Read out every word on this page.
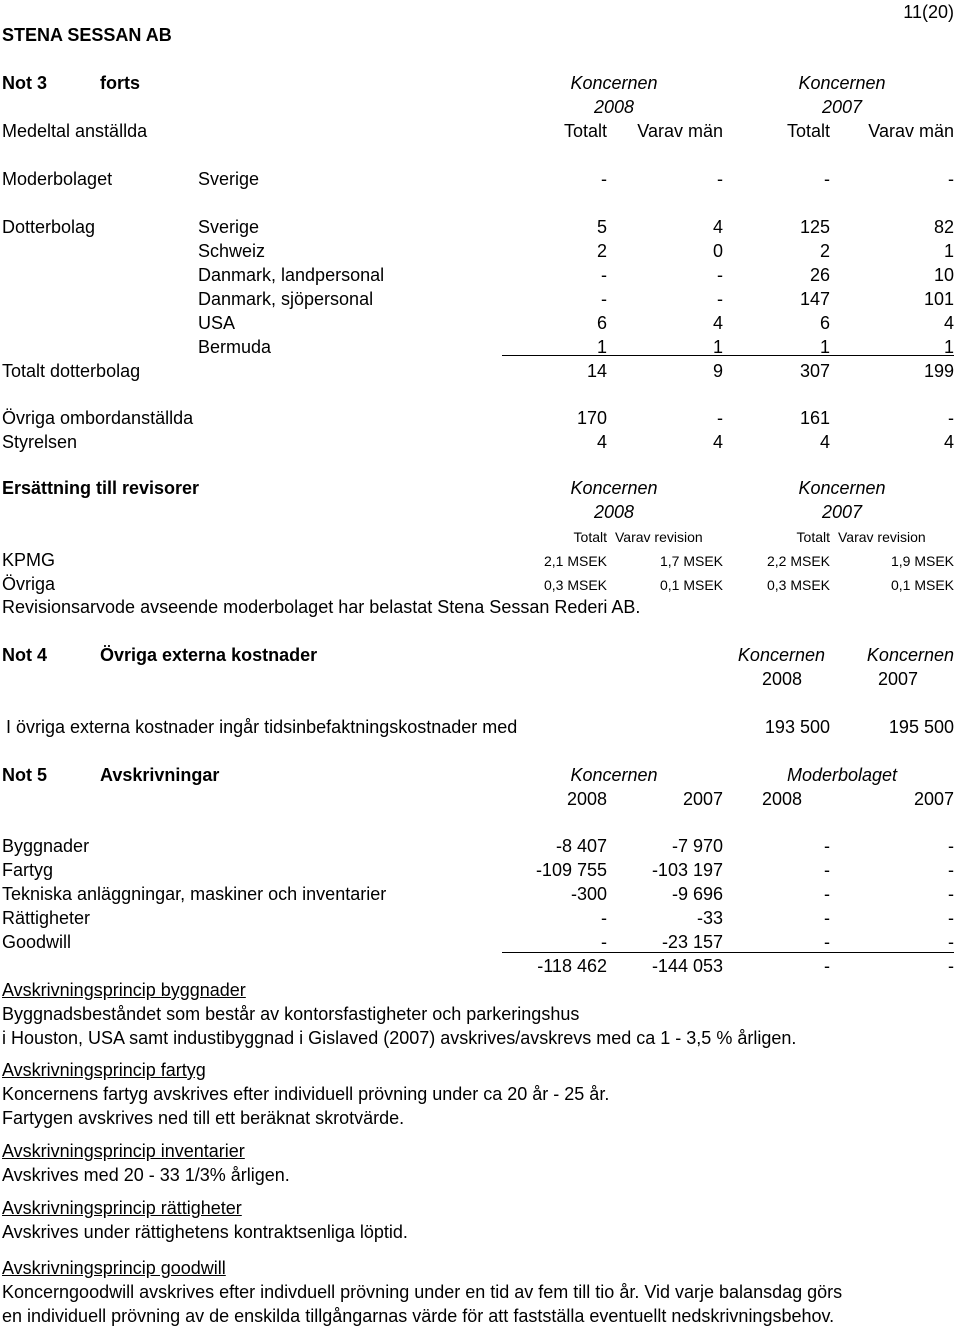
STENA SESSAN AB
11(20)
Not 3	forts	Koncernen	Koncernen
2008	2007
Medeltal anställda	Totalt Varav män	Totalt Varav män
Moderbolaget	Sverige	-	-	-	-
Dotterbolag	Sverige	5	4	125	82
Schweiz	2	0	2	1
Danmark, landpersonal	-	-	26	10
Danmark, sjöpersonal	-	-	147	101
USA	6	4	6	4
Bermuda	1	1	1	1
Totalt dotterbolag	14	9	307	199
Övriga ombordanställda	170	-	161	-
Styrelsen	4	4	4	4
Ersättning till revisorer	Koncernen	Koncernen
2008	2007
Totalt Varav revision	Totalt Varav revision
KPMG	2,1 MSEK	1,7 MSEK	2,2 MSEK	1,9 MSEK
Övriga	0,3 MSEK	0,1 MSEK	0,3 MSEK	0,1 MSEK
Revisionsarvode avseende moderbolaget har belastat Stena Sessan Rederi AB.
Not 4	Övriga externa kostnader	Koncernen Koncernen
2008	2007
I övriga externa kostnader ingår tidsinbefaktningskostnader med	193 500	195 500
Not 5	Avskrivningar	Koncernen	Moderbolaget
2008	2007 2008	2007
Byggnader	-8 407	-7 970	-	-
Fartyg	-109 755 -103 197	-	-
Tekniska anläggningar, maskiner och inventarier	-300	-9 696	-	-
Rättigheter	-	-33	-	-
Goodwill	-	-23 157	-	-
-118 462 -144 053	-	-
Avskrivningsprincip byggnader
Byggnadsbeståndet som består av kontorsfastigheter och parkeringshus
i Houston, USA samt industibyggnad i Gislaved (2007) avskrives/avskrevs med ca 1 - 3,5 % årligen.
Avskrivningsprincip fartyg
Koncernens fartyg avskrives efter individuell prövning under ca 20 år - 25 år.
Fartygen avskrives ned till ett beräknat skrotvärde.
Avskrivningsprincip inventarier
Avskrives med 20 - 33 1/3% årligen.
Avskrivningsprincip rättigheter
Avskrives under rättighetens kontraktsenliga löptid.
Avskrivningsprincip goodwill
Koncerngoodwill avskrives efter indivduell prövning under en tid av fem till tio år. Vid varje balansdag görs
en individuell prövning av de enskilda tillgångarnas värde för att fastställa eventuellt nedskrivningsbehov.
